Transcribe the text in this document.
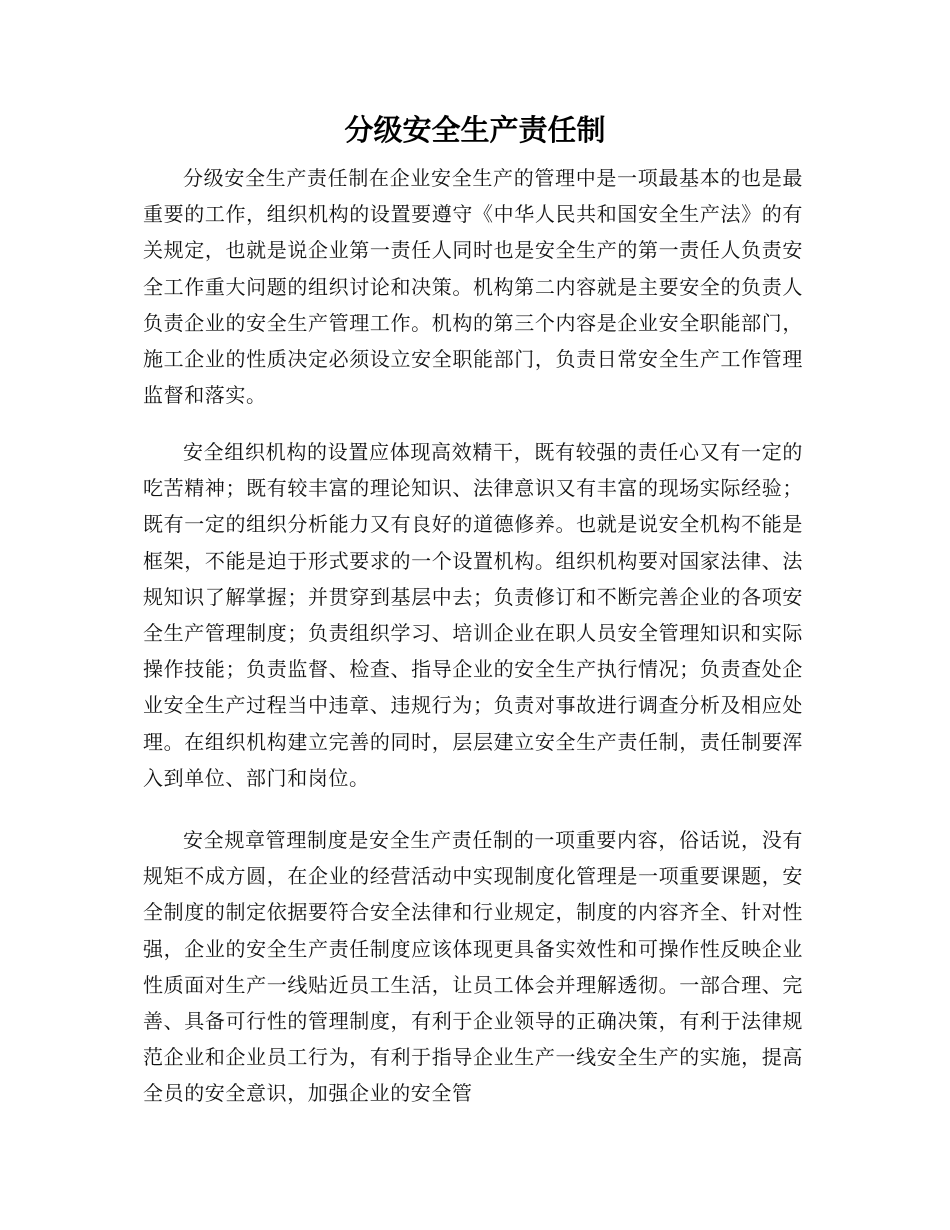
分级安全生产责任制

分级安全生产责任制在企业安全生产的管理中是一项最基本的也是最重要的工作，组织机构的设置要遵守《中华人民共和国安全生产法》的有关规定，也就是说企业第一责任人同时也是安全生产的第一责任人负责安全工作重大问题的组织讨论和决策。机构第二内容就是主要安全的负责人负责企业的安全生产管理工作。机构的第三个内容是企业安全职能部门，施工企业的性质决定必须设立安全职能部门，负责日常安全生产工作管理监督和落实。

安全组织机构的设置应体现高效精干，既有较强的责任心又有一定的吃苦精神；既有较丰富的理论知识、法律意识又有丰富的现场实际经验；既有一定的组织分析能力又有良好的道德修养。也就是说安全机构不能是框架，不能是迫于形式要求的一个设置机构。组织机构要对国家法律、法规知识了解掌握；并贯穿到基层中去；负责修订和不断完善企业的各项安全生产管理制度；负责组织学习、培训企业在职人员安全管理知识和实际操作技能；负责监督、检查、指导企业的安全生产执行情况；负责查处企业安全生产过程当中违章、违规行为；负责对事故进行调查分析及相应处理。在组织机构建立完善的同时，层层建立安全生产责任制，责任制要浑入到单位、部门和岗位。

安全规章管理制度是安全生产责任制的一项重要内容，俗话说，没有规矩不成方圆，在企业的经营活动中实现制度化管理是一项重要课题，安全制度的制定依据要符合安全法律和行业规定，制度的内容齐全、针对性强，企业的安全生产责任制度应该体现更具备实效性和可操作性反映企业性质面对生产一线贴近员工生活，让员工体会并理解透彻。一部合理、完善、具备可行性的管理制度，有利于企业领导的正确决策，有利于法律规范企业和企业员工行为，有利于指导企业生产一线安全生产的实施，提高全员的安全意识，加强企业的安全管
